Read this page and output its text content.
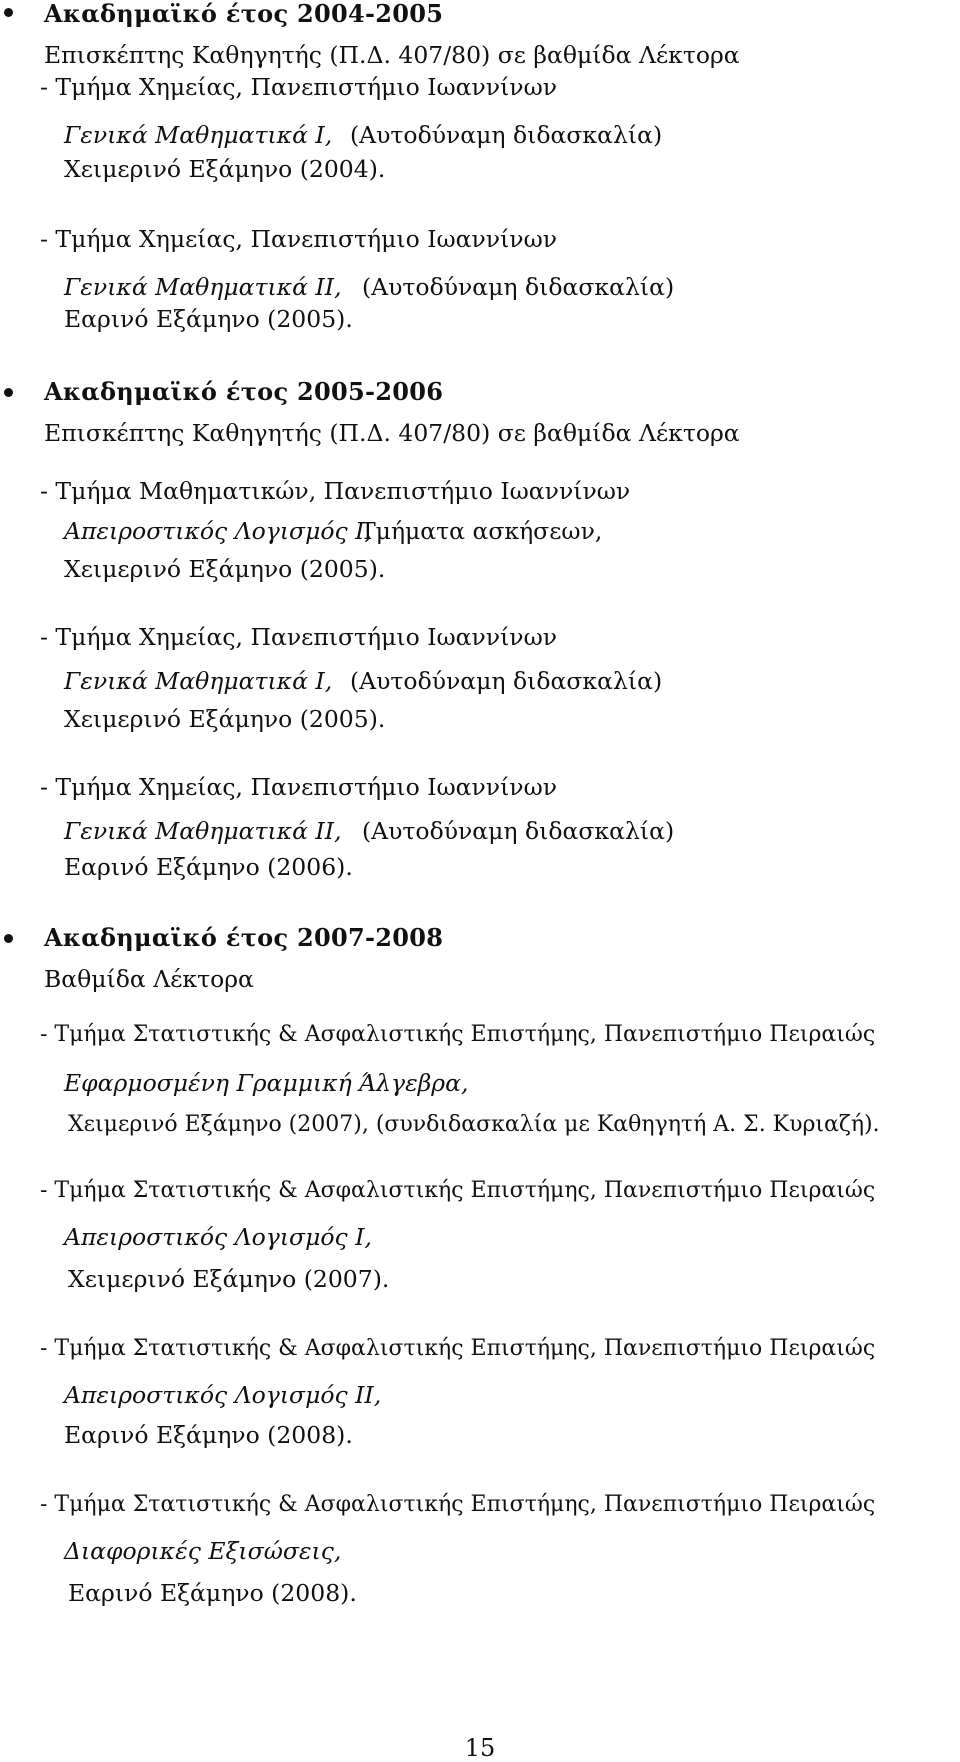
Ακαδημαϊκό έτος 2004-2005
Επισκέπτης Καθηγητής (Π.Δ. 407/80) σε βαθμίδα Λέκτορα
- Τμήμα Χημείας, Πανεπιστήμιο Ιωαννίνων
Γενικά Μαθηματικά Ι, (Αυτοδύναμη διδασκαλία)
Χειμερινό Εξάμηνο (2004).
- Τμήμα Χημείας, Πανεπιστήμιο Ιωαννίνων
Γενικά Μαθηματικά ΙΙ, (Αυτοδύναμη διδασκαλία)
Εαρινό Εξάμηνο (2005).
Ακαδημαϊκό έτος 2005-2006
Επισκέπτης Καθηγητής (Π.Δ. 407/80) σε βαθμίδα Λέκτορα
- Τμήμα Μαθηματικών, Πανεπιστήμιο Ιωαννίνων
Απειροστικός Λογισμός Ι,
Τμήματα ασκήσεων,
Χειμερινό Εξάμηνο (2005).
- Τμήμα Χημείας, Πανεπιστήμιο Ιωαννίνων
Γενικά Μαθηματικά Ι, (Αυτοδύναμη διδασκαλία)
Χειμερινό Εξάμηνο (2005).
- Τμήμα Χημείας, Πανεπιστήμιο Ιωαννίνων
Γενικά Μαθηματικά ΙΙ, (Αυτοδύναμη διδασκαλία)
Εαρινό Εξάμηνο (2006).
Ακαδημαϊκό έτος 2007-2008
Βαθμίδα Λέκτορα
- Τμήμα Στατιστικής & Ασφαλιστικής Επιστήμης, Πανεπιστήμιο Πειραιώς
Εφαρμοσμένη Γραμμική Άλγεβρα,
Χειμερινό Εξάμηνο (2007), (συνδιδασκαλία με Καθηγητή Α. Σ. Κυριαζή).
- Τμήμα Στατιστικής & Ασφαλιστικής Επιστήμης, Πανεπιστήμιο Πειραιώς
Απειροστικός Λογισμός Ι,
Χειμερινό Εξάμηνο (2007).
- Τμήμα Στατιστικής & Ασφαλιστικής Επιστήμης, Πανεπιστήμιο Πειραιώς
Απειροστικός Λογισμός ΙΙ,
Εαρινό Εξάμηνο (2008).
- Τμήμα Στατιστικής & Ασφαλιστικής Επιστήμης, Πανεπιστήμιο Πειραιώς
Διαφορικές Εξισώσεις,
Εαρινό Εξάμηνο (2008).
15
